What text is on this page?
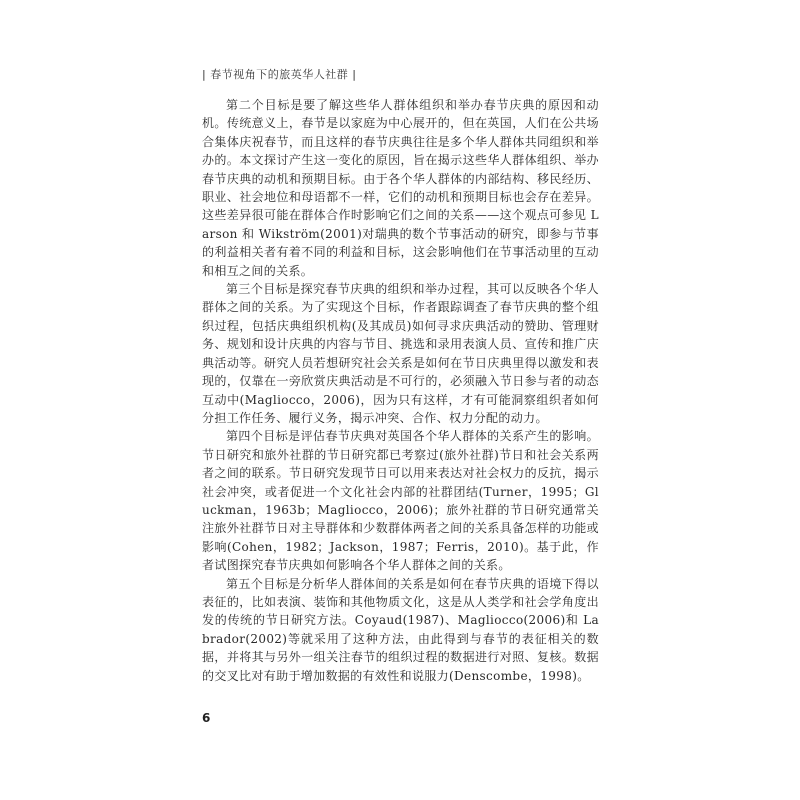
| 春节视角下的旅英华人社群 |

第二个目标是要了解这些华人群体组织和举办春节庆典的原因和动机。传统意义上，春节是以家庭为中心展开的，但在英国，人们在公共场合集体庆祝春节，而且这样的春节庆典往往是多个华人群体共同组织和举办的。本文探讨产生这一变化的原因，旨在揭示这些华人群体组织、举办春节庆典的动机和预期目标。由于各个华人群体的内部结构、移民经历、职业、社会地位和母语都不一样，它们的动机和预期目标也会存在差异。这些差异很可能在群体合作时影响它们之间的关系——这个观点可参见 Larson 和 Wikström(2001)对瑞典的数个节事活动的研究，即参与节事的利益相关者有着不同的利益和目标，这会影响他们在节事活动里的互动和相互之间的关系。

第三个目标是探究春节庆典的组织和举办过程，其可以反映各个华人群体之间的关系。为了实现这个目标，作者跟踪调查了春节庆典的整个组织过程，包括庆典组织机构(及其成员)如何寻求庆典活动的赞助、管理财务、规划和设计庆典的内容与节目、挑选和录用表演人员、宣传和推广庆典活动等。研究人员若想研究社会关系是如何在节日庆典里得以激发和表现的，仅靠在一旁欣赏庆典活动是不可行的，必须融入节日参与者的动态互动中(Magliocco，2006)，因为只有这样，才有可能洞察组织者如何分担工作任务、履行义务，揭示冲突、合作、权力分配的动力。

第四个目标是评估春节庆典对英国各个华人群体的关系产生的影响。节日研究和旅外社群的节日研究都已考察过(旅外社群)节日和社会关系两者之间的联系。节日研究发现节日可以用来表达对社会权力的反抗，揭示社会冲突，或者促进一个文化社会内部的社群团结(Turner，1995；Gluckman，1963b；Magliocco，2006)；旅外社群的节日研究通常关注旅外社群节日对主导群体和少数群体两者之间的关系具备怎样的功能或影响(Cohen，1982；Jackson，1987；Ferris，2010)。基于此，作者试图探究春节庆典如何影响各个华人群体之间的关系。

第五个目标是分析华人群体间的关系是如何在春节庆典的语境下得以表征的，比如表演、装饰和其他物质文化，这是从人类学和社会学角度出发的传统的节日研究方法。Coyaud(1987)、Magliocco(2006)和 Labrador(2002)等就采用了这种方法，由此得到与春节的表征相关的数据，并将其与另外一组关注春节的组织过程的数据进行对照、复核。数据的交叉比对有助于增加数据的有效性和说服力(Denscombe，1998)。

6
